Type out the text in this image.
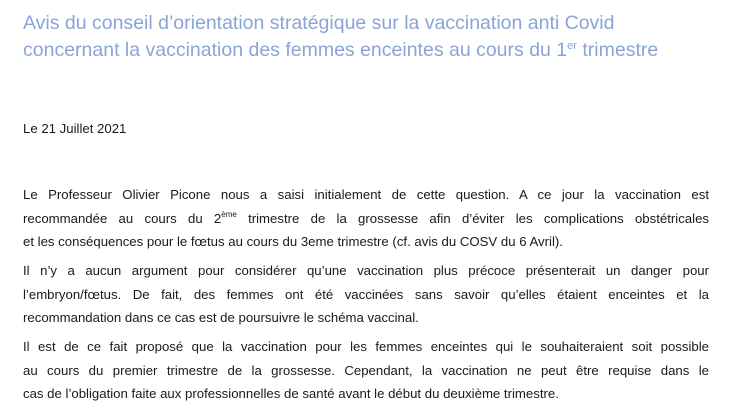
Avis du conseil d’orientation stratégique sur la vaccination anti Covid
concernant la vaccination des femmes enceintes au cours du 1er trimestre
Le 21 Juillet 2021
Le Professeur Olivier Picone nous a saisi initialement de cette question. A ce jour la vaccination est
recommandée au cours du 2ème trimestre de la grossesse afin d’éviter les complications obstétricales
et les conséquences pour le fœtus au cours du 3eme trimestre (cf. avis du COSV du 6 Avril).
Il n’y a aucun argument pour considérer qu’une vaccination plus précoce présenterait un danger pour
l’embryon/fœtus. De fait, des femmes ont été vaccinées sans savoir qu’elles étaient enceintes et la
recommandation dans ce cas est de poursuivre le schéma vaccinal.
Il est de ce fait proposé que la vaccination pour les femmes enceintes qui le souhaiteraient soit possible
au cours du premier trimestre de la grossesse. Cependant, la vaccination ne peut être requise dans le
cas de l’obligation faite aux professionnelles de santé avant le début du deuxième trimestre.
